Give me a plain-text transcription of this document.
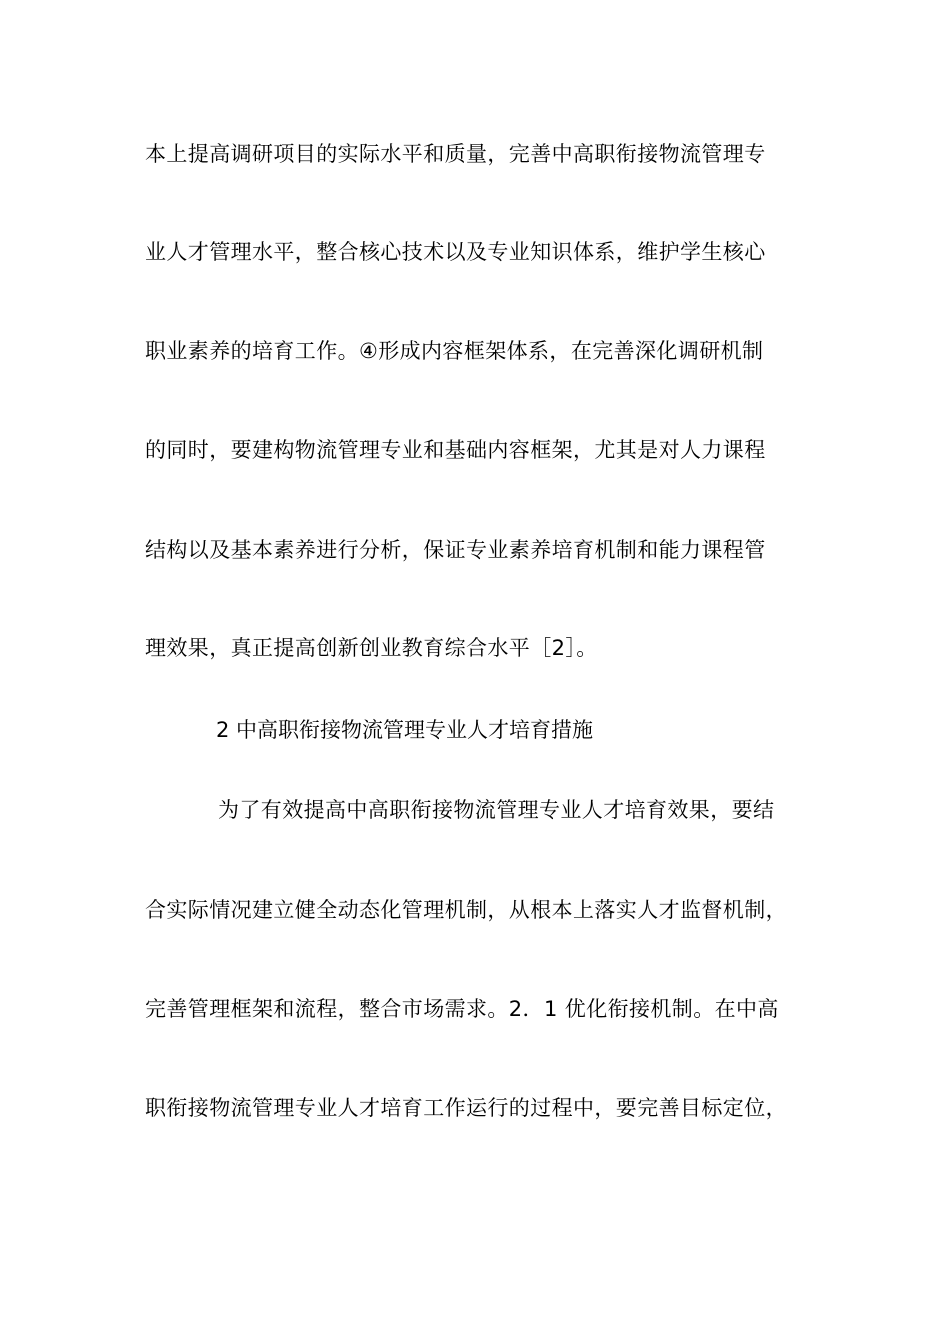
本上提高调研项目的实际水平和质量，完善中高职衔接物流管理专
业人才管理水平，整合核心技术以及专业知识体系，维护学生核心
职业素养的培育工作。④形成内容框架体系，在完善深化调研机制
的同时，要建构物流管理专业和基础内容框架，尤其是对人力课程
结构以及基本素养进行分析，保证专业素养培育机制和能力课程管
理效果，真正提高创新创业教育综合水平［2］。
2 中高职衔接物流管理专业人才培育措施
为了有效提高中高职衔接物流管理专业人才培育效果，要结
合实际情况建立健全动态化管理机制，从根本上落实人才监督机制，
完善管理框架和流程，整合市场需求。2．1 优化衔接机制。在中高
职衔接物流管理专业人才培育工作运行的过程中，要完善目标定位，
